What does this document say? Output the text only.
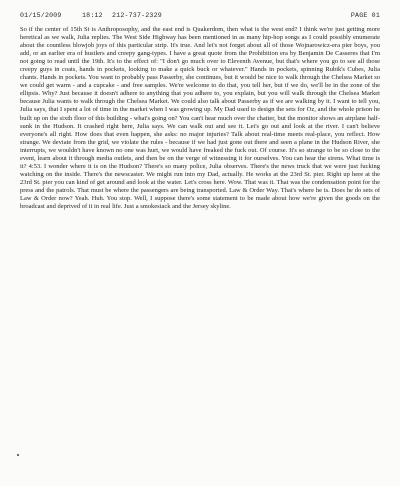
01/15/2009	18:12 212-737-2329	PAGE 01

So if the center of 15th St is Anthroposophy, and the east end is Quakerdom, then what is the west end? I think we're just getting more heretical as we walk, Julia replies. The West Side Highway has been mentioned in as many hip-hop songs as I could possibly enumerate about the countless blowjob joys of this particular strip. It's true. And let's not forget about all of those Wojnarowicz-era pier boys, you add, or an earlier era of hustlers and creepy gang-types. I have a great quote from the Prohibition era by Benjamin De Casseres that I'm not going to read until the 19th. It's to the effect of: "I don't go much over to Eleventh Avenue, but that's where you go to see all those creepy guys in coats, hands in pockets, looking to make a quick buck or whatever." Hands in pockets, spinning Rubik's Cubes, Julia chants. Hands in pockets. You want to probably pass Passerby, she continues, but it would be nice to walk through the Chelsea Market so we could get warm - and a cupcake - and free samples. We're welcome to do that, you tell her, but if we do, we'll be in the zone of the ellipsis. Why? Just because it doesn't adhere to anything that you adhere to, you explain, but you will walk through the Chelsea Market because Julia wants to walk through the Chelsea Market. We could also talk about Passerby as if we are walking by it. I want to tell you, Julia says, that I spent a lot of time in the market when I was growing up. My Dad used to design the sets for Oz, and the whole prison he built up on the sixth floor of this building - what's going on? You can't hear much over the chatter, but the monitor shows an airplane half-sunk in the Hudson. It crashed right here, Julia says. We can walk out and see it. Let's go out and look at the river. I can't believe everyone's all right. How does that even happen, she asks: no major injuries? Talk about real-time meets real-place, you reflect. How strange. We deviate from the grid, we violate the rules - because if we had just gone out there and seen a plane in the Hudson River, she interrupts, we wouldn't have known no one was hurt, we would have freaked the fuck out. Of course. It's so strange to be so close to the event, learn about it through media outlets, and then be on the verge of witnessing it for ourselves. You can hear the sirens. What time is it? 4:53. I wonder where it is on the Hudson? There's so many police, Julia observes. There's the news truck that we were just fucking watching on the inside. There's the newscaster. We might run into my Dad, actually. He works at the 23rd St. pier. Right up here at the 23rd St. pier you can kind of get around and look at the water. Let's cross here. Wow. That was it. That was the condensation point for the press and the patrols. That must be where the passengers are being transported. Law & Order Way. That's where he is. Does he do sets of Law & Order now? Yeah. Huh. You stop. Well, I suppose there's some statement to be made about how we're given the goods on the broadcast and deprived of it in real life. Just a smokestack and the Jersey skyline.
